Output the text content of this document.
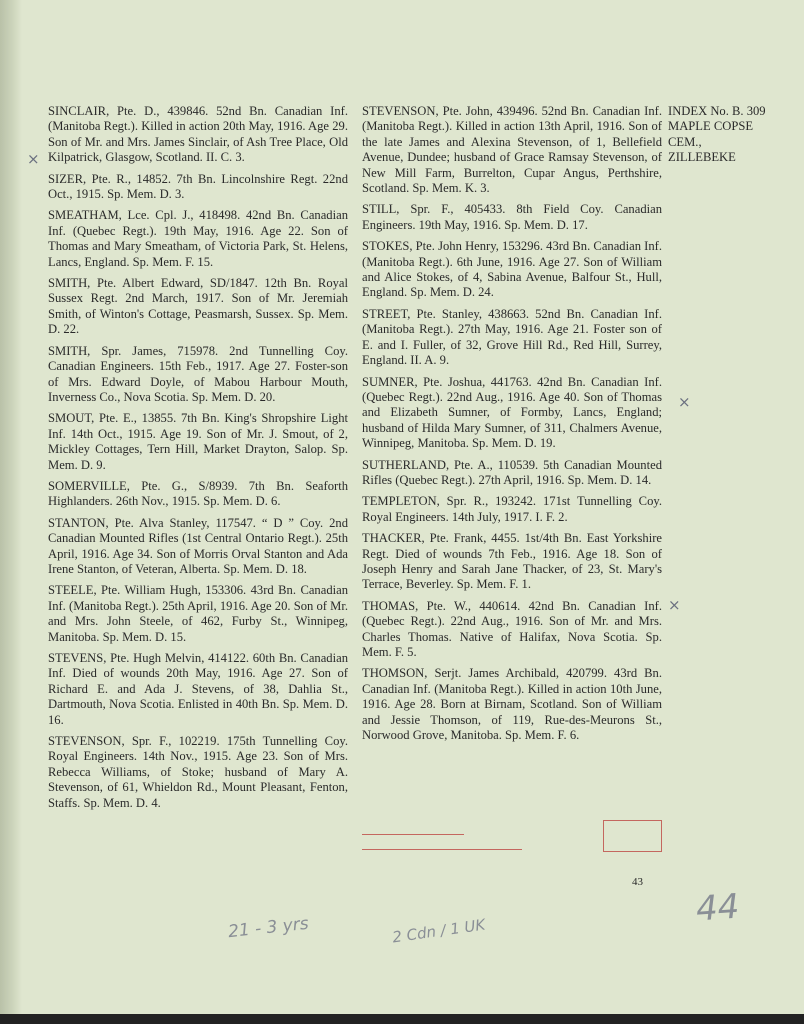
SINCLAIR, Pte. D., 439846. 52nd Bn. Canadian Inf. (Manitoba Regt.). Killed in action 20th May, 1916. Age 29. Son of Mr. and Mrs. James Sinclair, of Ash Tree Place, Old Kilpatrick, Glasgow, Scotland. II. C. 3.

SIZER, Pte. R., 14852. 7th Bn. Lincolnshire Regt. 22nd Oct., 1915. Sp. Mem. D. 3.

SMEATHAM, Lce. Cpl. J., 418498. 42nd Bn. Canadian Inf. (Quebec Regt.). 19th May, 1916. Age 22. Son of Thomas and Mary Smeatham, of Victoria Park, St. Helens, Lancs, England. Sp. Mem. F. 15.

SMITH, Pte. Albert Edward, SD/1847. 12th Bn. Royal Sussex Regt. 2nd March, 1917. Son of Mr. Jeremiah Smith, of Winton's Cottage, Peasmarsh, Sussex. Sp. Mem. D. 22.

SMITH, Spr. James, 715978. 2nd Tunnelling Coy. Canadian Engineers. 15th Feb., 1917. Age 27. Foster-son of Mrs. Edward Doyle, of Mabou Harbour Mouth, Inverness Co., Nova Scotia. Sp. Mem. D. 20.

SMOUT, Pte. E., 13855. 7th Bn. King's Shropshire Light Inf. 14th Oct., 1915. Age 19. Son of Mr. J. Smout, of 2, Mickley Cottages, Tern Hill, Market Drayton, Salop. Sp. Mem. D. 9.

SOMERVILLE, Pte. G., S/8939. 7th Bn. Seaforth Highlanders. 26th Nov., 1915. Sp. Mem. D. 6.

STANTON, Pte. Alva Stanley, 117547. “ D ” Coy. 2nd Canadian Mounted Rifles (1st Central Ontario Regt.). 25th April, 1916. Age 34. Son of Morris Orval Stanton and Ada Irene Stanton, of Veteran, Alberta. Sp. Mem. D. 18.

STEELE, Pte. William Hugh, 153306. 43rd Bn. Canadian Inf. (Manitoba Regt.). 25th April, 1916. Age 20. Son of Mr. and Mrs. John Steele, of 462, Furby St., Winnipeg, Manitoba. Sp. Mem. D. 15.

STEVENS, Pte. Hugh Melvin, 414122. 60th Bn. Canadian Inf. Died of wounds 20th May, 1916. Age 27. Son of Richard E. and Ada J. Stevens, of 38, Dahlia St., Dartmouth, Nova Scotia. Enlisted in 40th Bn. Sp. Mem. D. 16.

STEVENSON, Spr. F., 102219. 175th Tunnelling Coy. Royal Engineers. 14th Nov., 1915. Age 23. Son of Mrs. Rebecca Williams, of Stoke; husband of Mary A. Stevenson, of 61, Whieldon Rd., Mount Pleasant, Fenton, Staffs. Sp. Mem. D. 4.

STEVENSON, Pte. John, 439496. 52nd Bn. Canadian Inf. (Manitoba Regt.). Killed in action 13th April, 1916. Son of the late James and Alexina Stevenson, of 1, Bellefield Avenue, Dundee; husband of Grace Ramsay Stevenson, of New Mill Farm, Burrelton, Cupar Angus, Perthshire, Scotland. Sp. Mem. K. 3.

STILL, Spr. F., 405433. 8th Field Coy. Canadian Engineers. 19th May, 1916. Sp. Mem. D. 17.

STOKES, Pte. John Henry, 153296. 43rd Bn. Canadian Inf. (Manitoba Regt.). 6th June, 1916. Age 27. Son of William and Alice Stokes, of 4, Sabina Avenue, Balfour St., Hull, England. Sp. Mem. D. 24.

STREET, Pte. Stanley, 438663. 52nd Bn. Canadian Inf. (Manitoba Regt.). 27th May, 1916. Age 21. Foster son of E. and I. Fuller, of 32, Grove Hill Rd., Red Hill, Surrey, England. II. A. 9.

SUMNER, Pte. Joshua, 441763. 42nd Bn. Canadian Inf. (Quebec Regt.). 22nd Aug., 1916. Age 40. Son of Thomas and Elizabeth Sumner, of Formby, Lancs, England; husband of Hilda Mary Sumner, of 311, Chalmers Avenue, Winnipeg, Manitoba. Sp. Mem. D. 19.

SUTHERLAND, Pte. A., 110539. 5th Canadian Mounted Rifles (Quebec Regt.). 27th April, 1916. Sp. Mem. D. 14.

TEMPLETON, Spr. R., 193242. 171st Tunnelling Coy. Royal Engineers. 14th July, 1917. I. F. 2.

THACKER, Pte. Frank, 4455. 1st/4th Bn. East Yorkshire Regt. Died of wounds 7th Feb., 1916. Age 18. Son of Joseph Henry and Sarah Jane Thacker, of 23, St. Mary's Terrace, Beverley. Sp. Mem. F. 1.

THOMAS, Pte. W., 440614. 42nd Bn. Canadian Inf. (Quebec Regt.). 22nd Aug., 1916. Son of Mr. and Mrs. Charles Thomas. Native of Halifax, Nova Scotia. Sp. Mem. F. 5.

THOMSON, Serjt. James Archibald, 420799. 43rd Bn. Canadian Inf. (Manitoba Regt.). Killed in action 10th June, 1916. Age 28. Born at Birnam, Scotland. Son of William and Jessie Thomson, of 119, Rue-des-Meurons St., Norwood Grove, Manitoba. Sp. Mem. F. 6.

INDEX No. B. 309
MAPLE COPSE
CEM.,
ZILLEBEKE
43
×
×
×
21 - 3 yrs	2 Cdn / 1 UK
44
